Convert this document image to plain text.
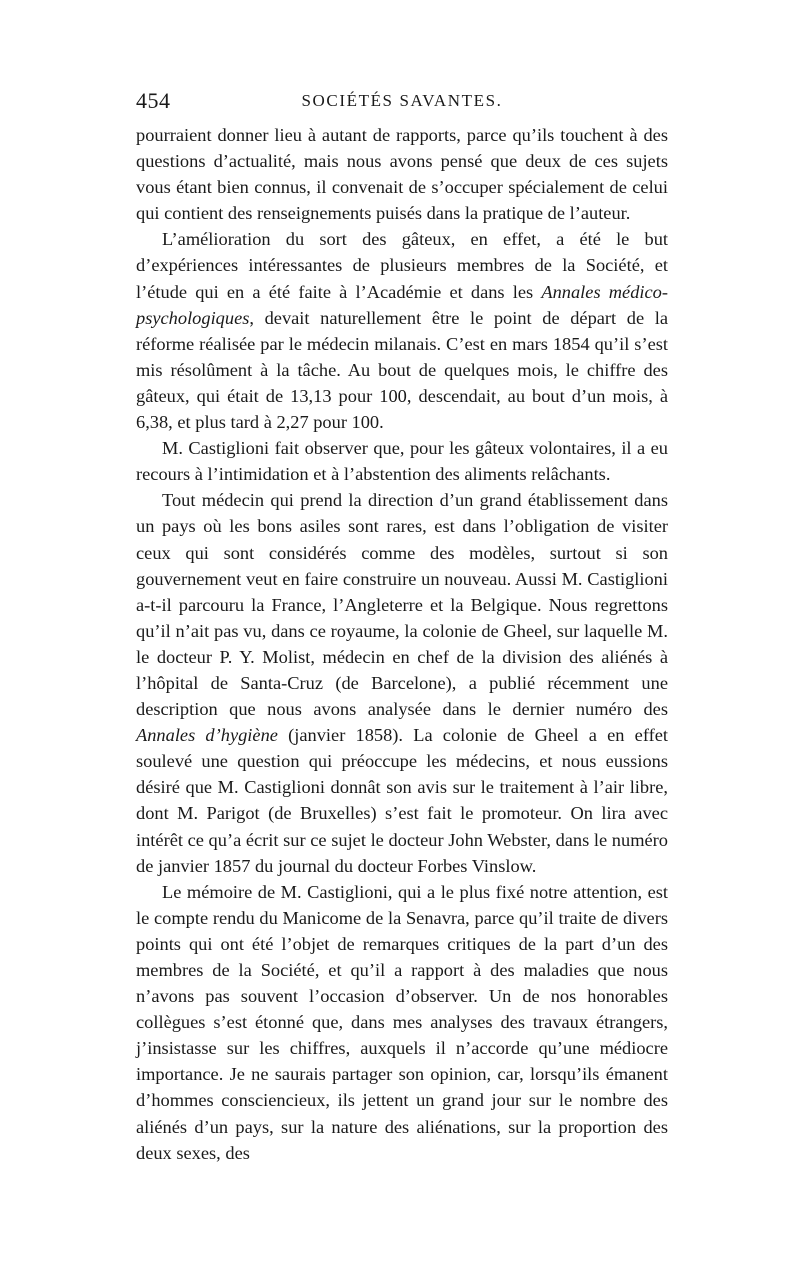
454	SOCIÉTÉS SAVANTES.

pourraient donner lieu à autant de rapports, parce qu’ils touchent à des questions d’actualité, mais nous avons pensé que deux de ces sujets vous étant bien connus, il convenait de s’occuper spécialement de celui qui contient des renseignements puisés dans la pratique de l’auteur.

L’amélioration du sort des gâteux, en effet, a été le but d’expériences intéressantes de plusieurs membres de la Société, et l’étude qui en a été faite à l’Académie et dans les Annales médico-psychologiques, devait naturellement être le point de départ de la réforme réalisée par le médecin milanais. C’est en mars 1854 qu’il s’est mis résolûment à la tâche. Au bout de quelques mois, le chiffre des gâteux, qui était de 13,13 pour 100, descendait, au bout d’un mois, à 6,38, et plus tard à 2,27 pour 100.

M. Castiglioni fait observer que, pour les gâteux volontaires, il a eu recours à l’intimidation et à l’abstention des aliments relâchants.

Tout médecin qui prend la direction d’un grand établissement dans un pays où les bons asiles sont rares, est dans l’obligation de visiter ceux qui sont considérés comme des modèles, surtout si son gouvernement veut en faire construire un nouveau. Aussi M. Castiglioni a-t-il parcouru la France, l’Angleterre et la Belgique. Nous regrettons qu’il n’ait pas vu, dans ce royaume, la colonie de Gheel, sur laquelle M. le docteur P. Y. Molist, médecin en chef de la division des aliénés à l’hôpital de Santa-Cruz (de Barcelone), a publié récemment une description que nous avons analysée dans le dernier numéro des Annales d’hygiène (janvier 1858). La colonie de Gheel a en effet soulevé une question qui préoccupe les médecins, et nous eussions désiré que M. Castiglioni donnât son avis sur le traitement à l’air libre, dont M. Parigot (de Bruxelles) s’est fait le promoteur. On lira avec intérêt ce qu’a écrit sur ce sujet le docteur John Webster, dans le numéro de janvier 1857 du journal du docteur Forbes Vinslow.

Le mémoire de M. Castiglioni, qui a le plus fixé notre attention, est le compte rendu du Manicome de la Senavra, parce qu’il traite de divers points qui ont été l’objet de remarques critiques de la part d’un des membres de la Société, et qu’il a rapport à des maladies que nous n’avons pas souvent l’occasion d’observer. Un de nos honorables collègues s’est étonné que, dans mes analyses des travaux étrangers, j’insistasse sur les chiffres, auxquels il n’accorde qu’une médiocre importance. Je ne saurais partager son opinion, car, lorsqu’ils émanent d’hommes consciencieux, ils jettent un grand jour sur le nombre des aliénés d’un pays, sur la nature des aliénations, sur la proportion des deux sexes, des
